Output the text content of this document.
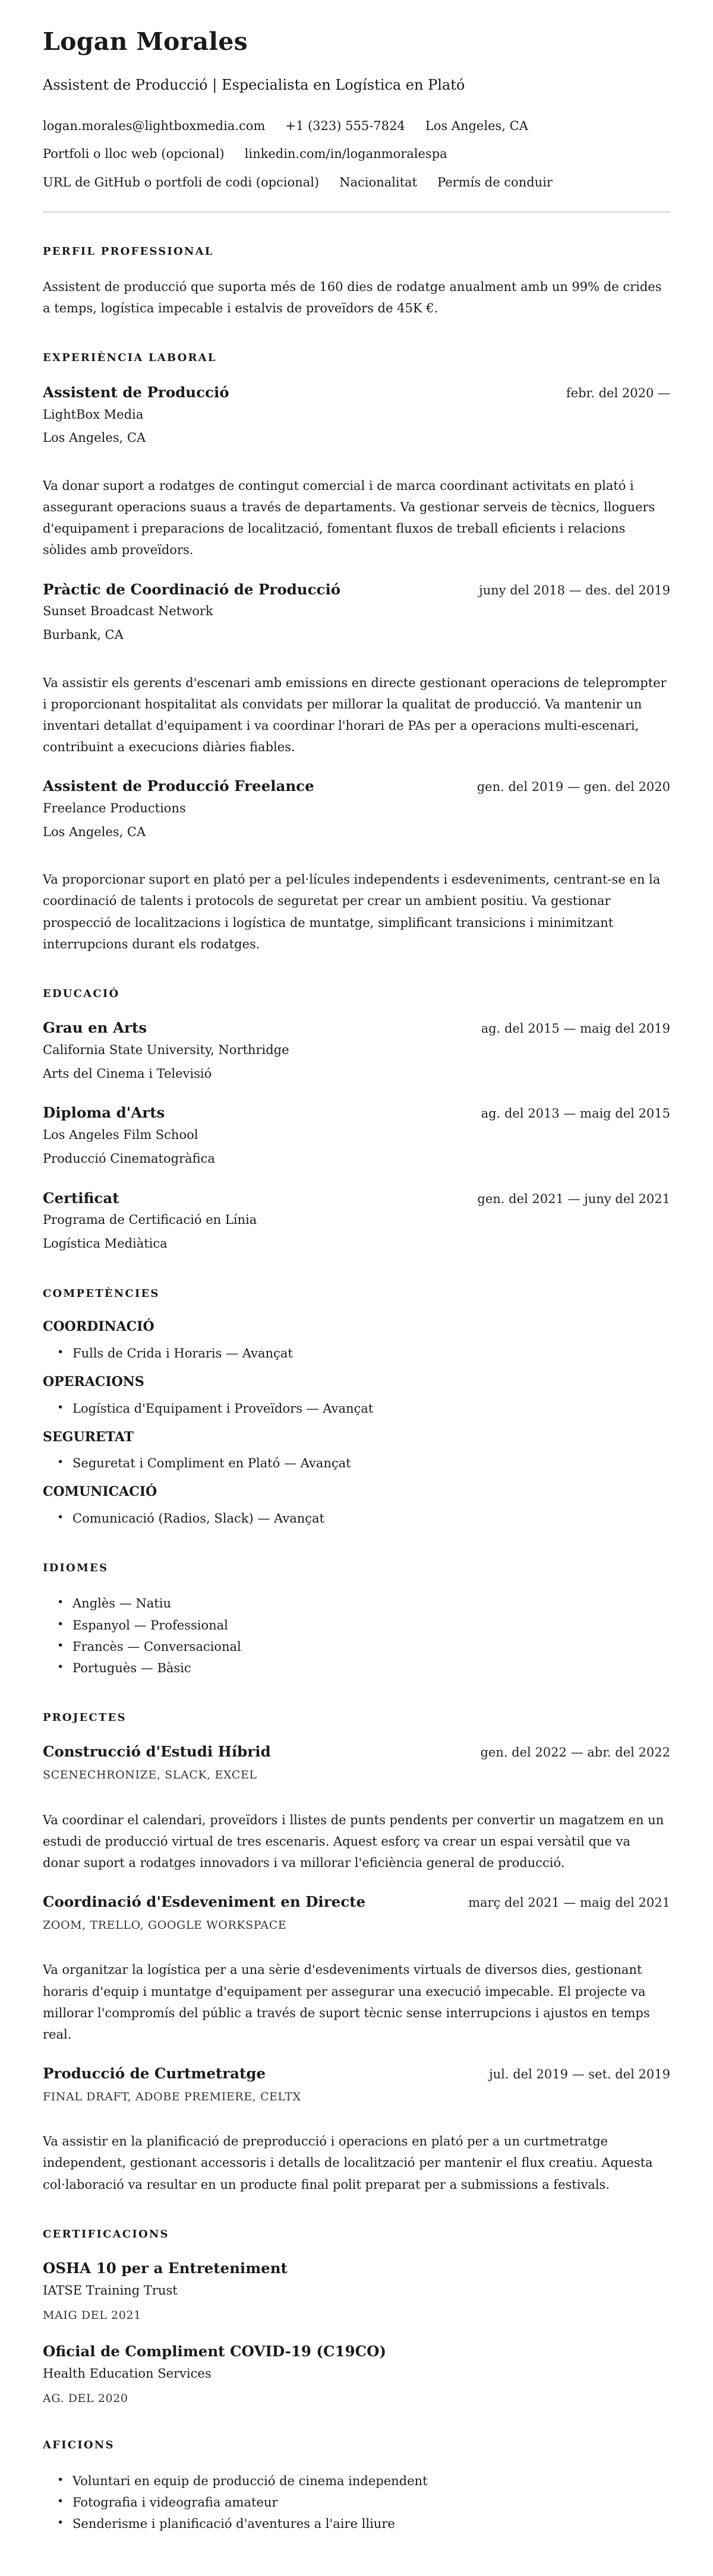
Logan Morales

Assistent de Producció | Especialista en Logística en Plató

logan.morales@lightboxmedia.com +1 (323) 555-7824 Los Angeles, CA
Portfoli o lloc web (opcional) linkedin.com/in/loganmoralespa
URL de GitHub o portfoli de codi (opcional) Nacionalitat Permís de conduir
PERFIL PROFESSIONAL

Assistent de producció que suporta més de 160 dies de rodatge anualment amb un 99% de crides a temps, logística impecable i estalvis de proveïdors de 45K €.

EXPERIÈNCIA LABORAL
Assistent de Producció	febr. del 2020 —

LightBox Media

Los Angeles, CA

Va donar suport a rodatges de contingut comercial i de marca coordinant activitats en plató i assegurant operacions suaus a través de departaments. Va gestionar serveis de tècnics, lloguers d'equipament i preparacions de localització, fomentant fluxos de treball eficients i relacions sòlides amb proveïdors.

Pràctic de Coordinació de Producció	juny del 2018 — des. del 2019

Sunset Broadcast Network

Burbank, CA

Va assistir els gerents d'escenari amb emissions en directe gestionant operacions de teleprompter i proporcionant hospitalitat als convidats per millorar la qualitat de producció. Va mantenir un inventari detallat d'equipament i va coordinar l'horari de PAs per a operacions multi-escenari, contribuint a execucions diàries fiables.

Assistent de Producció Freelance	gen. del 2019 — gen. del 2020

Freelance Productions

Los Angeles, CA

Va proporcionar suport en plató per a pel·lícules independents i esdeveniments, centrant-se en la coordinació de talents i protocols de seguretat per crear un ambient positiu. Va gestionar prospecció de localitzacions i logística de muntatge, simplificant transicions i minimitzant interrupcions durant els rodatges.

EDUCACIÓ
Grau en Arts	ag. del 2015 — maig del 2019

California State University, Northridge

Arts del Cinema i Televisió

Diploma d'Arts	ag. del 2013 — maig del 2015

Los Angeles Film School

Producció Cinematogràfica

Certificat	gen. del 2021 — juny del 2021

Programa de Certificació en Línia

Logística Mediàtica

COMPETÈNCIES
COORDINACIÓ
• Fulls de Crida i Horaris — Avançat
OPERACIONS
• Logística d'Equipament i Proveïdors — Avançat
SEGURETAT
• Seguretat i Compliment en Plató — Avançat
COMUNICACIÓ
• Comunicació (Radios, Slack) — Avançat
IDIOMES
• Anglès — Natiu
• Espanyol — Professional
• Francès — Conversacional
• Portuguès — Bàsic
PROJECTES
Construcció d'Estudi Híbrid	gen. del 2022 — abr. del 2022

SCENECHRONIZE, SLACK, EXCEL

Va coordinar el calendari, proveïdors i llistes de punts pendents per convertir un magatzem en un estudi de producció virtual de tres escenaris. Aquest esforç va crear un espai versàtil que va donar suport a rodatges innovadors i va millorar l'eficiència general de producció.

Coordinació d'Esdeveniment en Directe	març del 2021 — maig del 2021

ZOOM, TRELLO, GOOGLE WORKSPACE

Va organitzar la logística per a una sèrie d'esdeveniments virtuals de diversos dies, gestionant horaris d'equip i muntatge d'equipament per assegurar una execució impecable. El projecte va millorar l'compromís del públic a través de suport tècnic sense interrupcions i ajustos en temps real.

Producció de Curtmetratge	jul. del 2019 — set. del 2019

FINAL DRAFT, ADOBE PREMIERE, CELTX

Va assistir en la planificació de preproducció i operacions en plató per a un curtmetratge independent, gestionant accessoris i detalls de localització per mantenir el flux creatiu. Aquesta col·laboració va resultar en un producte final polit preparat per a submissions a festivals.

CERTIFICACIONS
OSHA 10 per a Entreteniment

IATSE Training Trust

MAIG DEL 2021

Oficial de Compliment COVID-19 (C19CO)

Health Education Services

AG. DEL 2020

AFICIONS
• Voluntari en equip de producció de cinema independent
• Fotografia i videografia amateur
• Senderisme i planificació d'aventures a l'aire lliure
